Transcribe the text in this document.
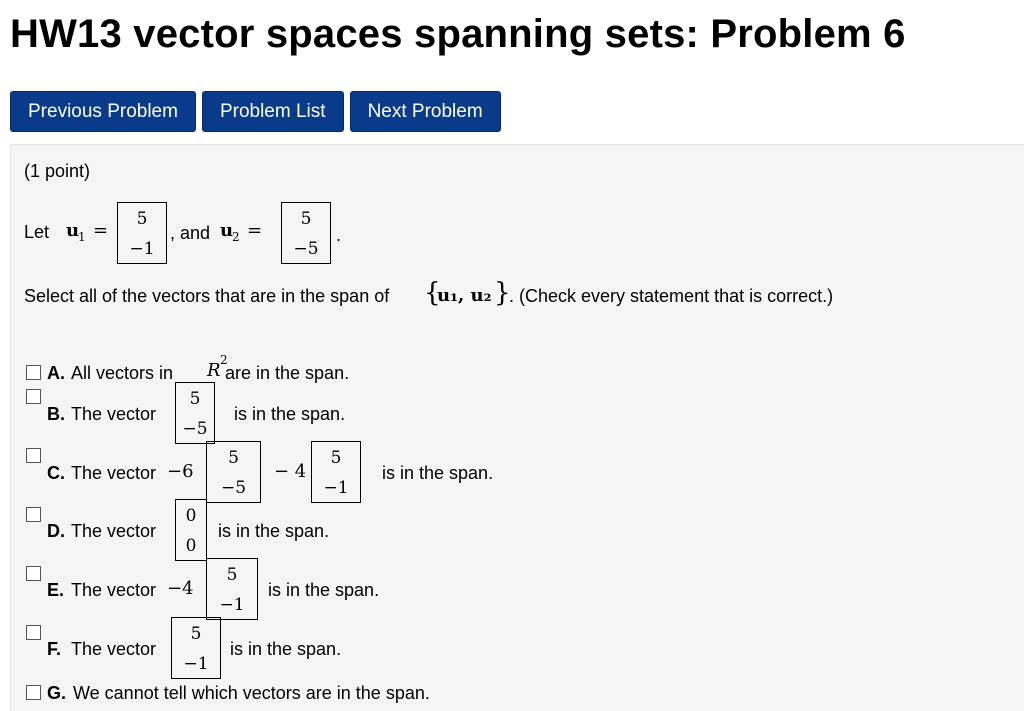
HW13 vector spaces spanning sets: Problem 6
Previous Problem	Problem List	Next Problem
(1 point)
Let u
1 =
5
−1
, and u
2 =
5
−5
.
Select all of the vectors that are in the span of {
u₁, u₂ }
. (Check every statement that is correct.)
A. All vectors in R 2
are in the span.
B. The vector
5
−5
is in the span.
C. The vector −6
5
−5
− 4
5
−1
is in the span.
D. The vector
0
0
is in the span.
E. The vector −4
5
−1
is in the span.
F. The vector
5
−1
is in the span.
G. We cannot tell which vectors are in the span.
